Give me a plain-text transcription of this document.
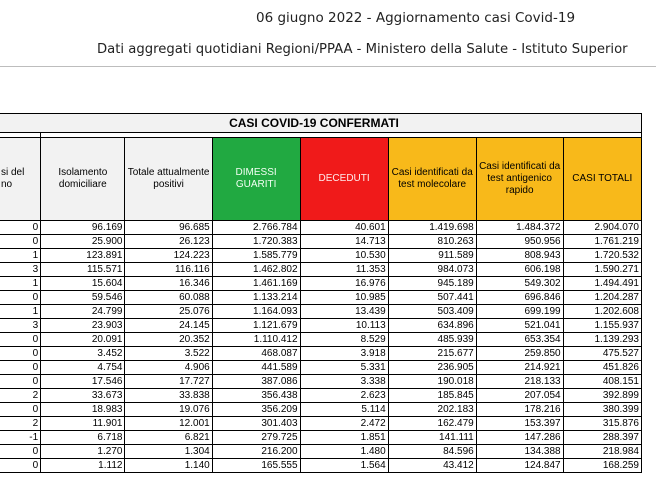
06 giugno 2022 - Aggiornamento casi Covid-19
Dati aggregati quotidiani Regioni/PPAA - Ministero della Salute - Istituto Superior
CASI COVID-19 CONFERMATI							

si del
no	Isolamento domiciliare	Totale attualmente positivi	DIMESSI GUARITI	DECEDUTI	Casi identificati da test molecolare	Casi identificati da test antigenico rapido	CASI TOTALI
0	96.169	96.685	2.766.784	40.601	1.419.698	1.484.372	2.904.070
0	25.900	26.123	1.720.383	14.713	810.263	950.956	1.761.219
1	123.891	124.223	1.585.779	10.530	911.589	808.943	1.720.532
3	115.571	116.116	1.462.802	11.353	984.073	606.198	1.590.271
1	15.604	16.346	1.461.169	16.976	945.189	549.302	1.494.491
0	59.546	60.088	1.133.214	10.985	507.441	696.846	1.204.287
1	24.799	25.076	1.164.093	13.439	503.409	699.199	1.202.608
3	23.903	24.145	1.121.679	10.113	634.896	521.041	1.155.937
0	20.091	20.352	1.110.412	8.529	485.939	653.354	1.139.293
0	3.452	3.522	468.087	3.918	215.677	259.850	475.527
0	4.754	4.906	441.589	5.331	236.905	214.921	451.826
0	17.546	17.727	387.086	3.338	190.018	218.133	408.151
2	33.673	33.838	356.438	2.623	185.845	207.054	392.899
0	18.983	19.076	356.209	5.114	202.183	178.216	380.399
2	11.901	12.001	301.403	2.472	162.479	153.397	315.876
-1	6.718	6.821	279.725	1.851	141.111	147.286	288.397
0	1.270	1.304	216.200	1.480	84.596	134.388	218.984
0	1.112	1.140	165.555	1.564	43.412	124.847	168.259
